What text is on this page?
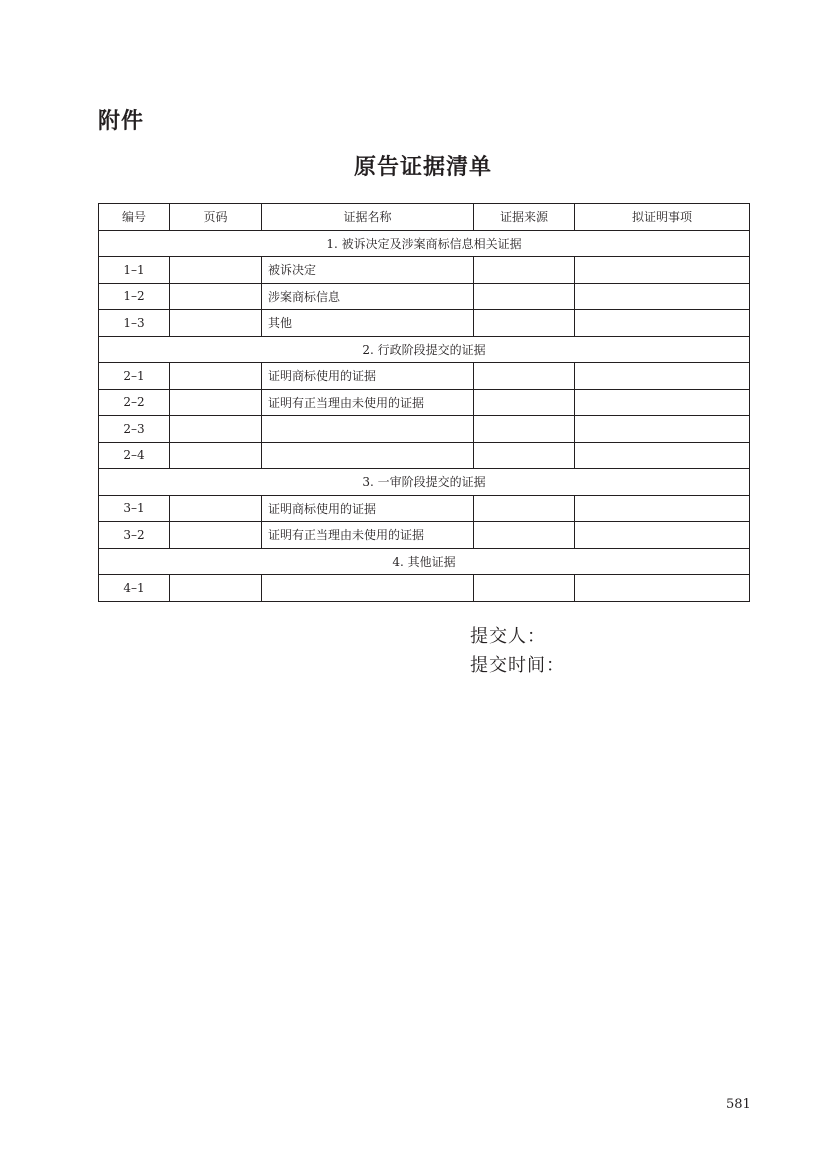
附件
原告证据清单
编号	页码	证据名称	证据来源	拟证明事项
1. 被诉决定及涉案商标信息相关证据				
1–1		被诉决定		
1–2		涉案商标信息		
1–3		其他		
2. 行政阶段提交的证据				
2–1		证明商标使用的证据		
2–2		证明有正当理由未使用的证据		
2–3				
2–4				
3. 一审阶段提交的证据				
3–1		证明商标使用的证据		
3–2		证明有正当理由未使用的证据		
4. 其他证据				
4–1				
提交人：
提交时间：
581
